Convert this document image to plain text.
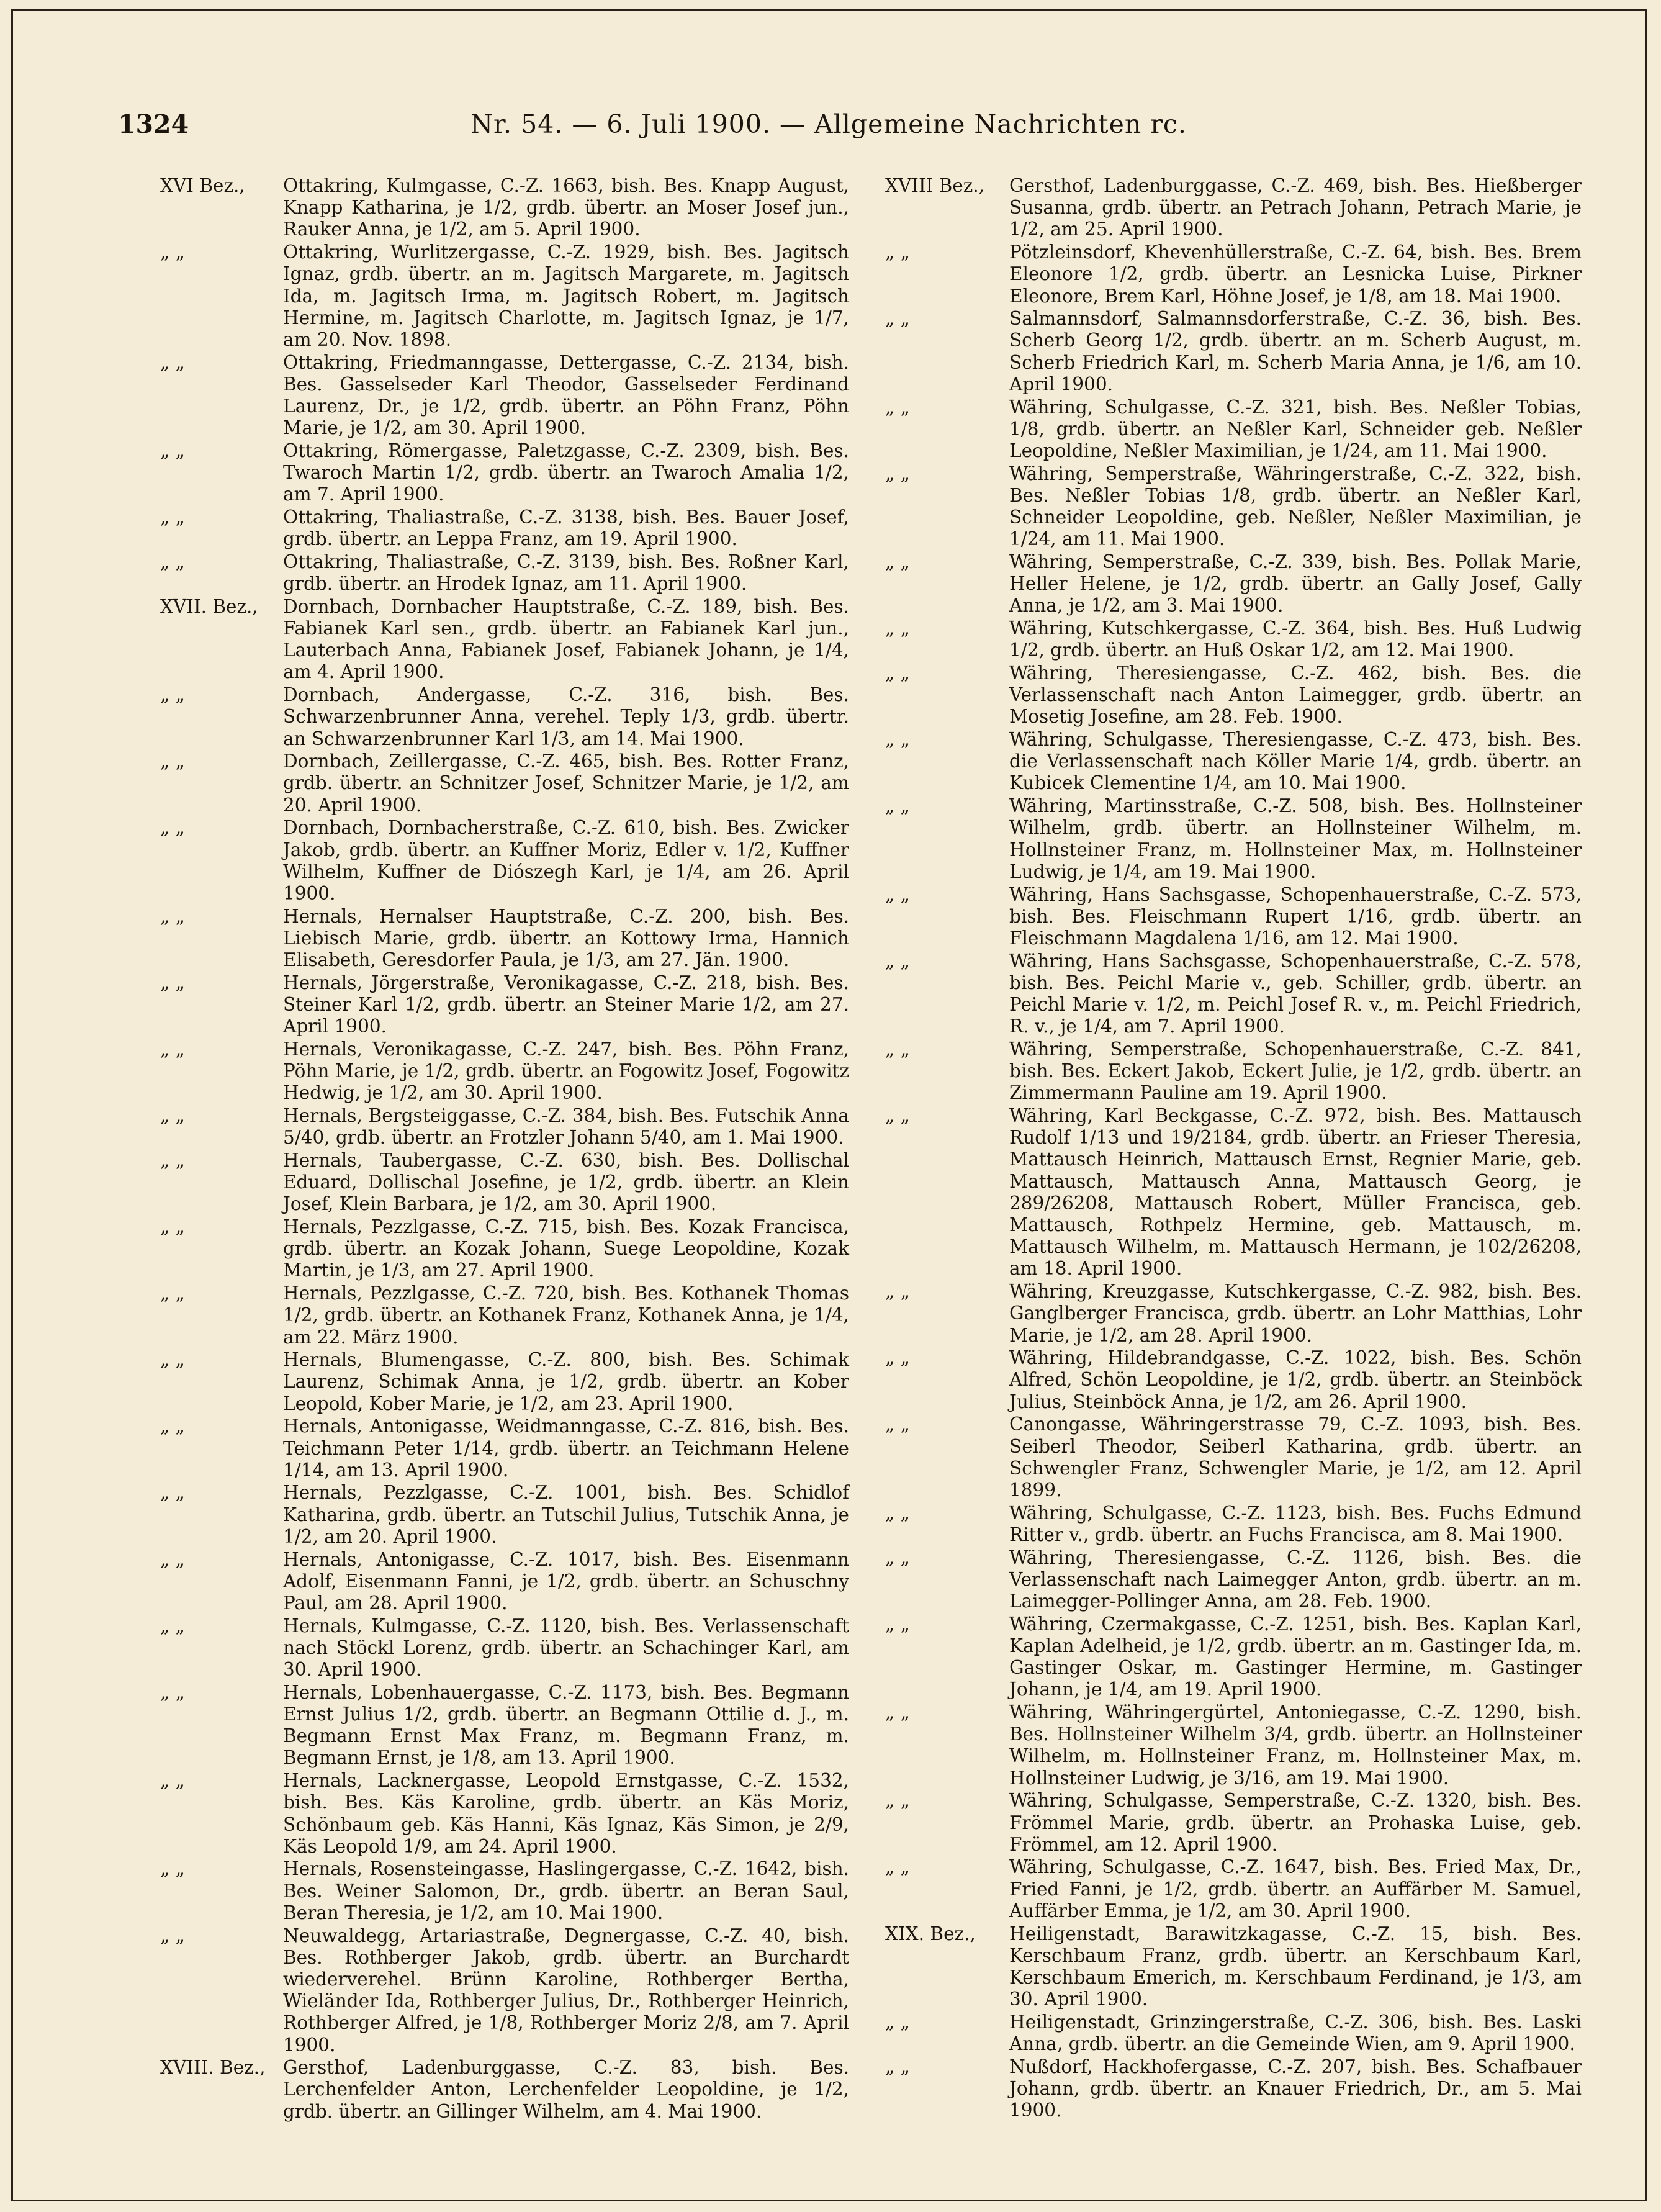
1324	Nr. 54. — 6. Juli 1900. — Allgemeine Nachrichten rc.
XVI Bez.,	Ottakring, Kulmgasse, C.-Z. 1663, bish. Bes. Knapp August, Knapp Katharina, je 1/2, grdb. übertr. an Moser Josef jun., Rauker Anna, je 1/2, am 5. April 1900.
„ „	Ottakring, Wurlitzergasse, C.-Z. 1929, bish. Bes. Jagitsch Ignaz, grdb. übertr. an m. Jagitsch Margarete, m. Jagitsch Ida, m. Jagitsch Irma, m. Jagitsch Robert, m. Jagitsch Hermine, m. Jagitsch Charlotte, m. Jagitsch Ignaz, je 1/7, am 20. Nov. 1898.
„ „	Ottakring, Friedmanngasse, Dettergasse, C.-Z. 2134, bish. Bes. Gasselseder Karl Theodor, Gasselseder Ferdinand Laurenz, Dr., je 1/2, grdb. übertr. an Pöhn Franz, Pöhn Marie, je 1/2, am 30. April 1900.
„ „	Ottakring, Römergasse, Paletzgasse, C.-Z. 2309, bish. Bes. Twaroch Martin 1/2, grdb. übertr. an Twaroch Amalia 1/2, am 7. April 1900.
„ „	Ottakring, Thaliastraße, C.-Z. 3138, bish. Bes. Bauer Josef, grdb. übertr. an Leppa Franz, am 19. April 1900.
„ „	Ottakring, Thaliastraße, C.-Z. 3139, bish. Bes. Roßner Karl, grdb. übertr. an Hrodek Ignaz, am 11. April 1900.
XVII. Bez.,	Dornbach, Dornbacher Hauptstraße, C.-Z. 189, bish. Bes. Fabianek Karl sen., grdb. übertr. an Fabianek Karl jun., Lauterbach Anna, Fabianek Josef, Fabianek Johann, je 1/4, am 4. April 1900.
„ „	Dornbach, Andergasse, C.-Z. 316, bish. Bes. Schwarzenbrunner Anna, verehel. Teply 1/3, grdb. übertr. an Schwarzenbrunner Karl 1/3, am 14. Mai 1900.
„ „	Dornbach, Zeillergasse, C.-Z. 465, bish. Bes. Rotter Franz, grdb. übertr. an Schnitzer Josef, Schnitzer Marie, je 1/2, am 20. April 1900.
„ „	Dornbach, Dornbacherstraße, C.-Z. 610, bish. Bes. Zwicker Jakob, grdb. übertr. an Kuffner Moriz, Edler v. 1/2, Kuffner Wilhelm, Kuffner de Diószegh Karl, je 1/4, am 26. April 1900.
„ „	Hernals, Hernalser Hauptstraße, C.-Z. 200, bish. Bes. Liebisch Marie, grdb. übertr. an Kottowy Irma, Hannich Elisabeth, Geresdorfer Paula, je 1/3, am 27. Jän. 1900.
„ „	Hernals, Jörgerstraße, Veronikagasse, C.-Z. 218, bish. Bes. Steiner Karl 1/2, grdb. übertr. an Steiner Marie 1/2, am 27. April 1900.
„ „	Hernals, Veronikagasse, C.-Z. 247, bish. Bes. Pöhn Franz, Pöhn Marie, je 1/2, grdb. übertr. an Fogowitz Josef, Fogowitz Hedwig, je 1/2, am 30. April 1900.
„ „	Hernals, Bergsteiggasse, C.-Z. 384, bish. Bes. Futschik Anna 5/40, grdb. übertr. an Frotzler Johann 5/40, am 1. Mai 1900.
„ „	Hernals, Taubergasse, C.-Z. 630, bish. Bes. Dollischal Eduard, Dollischal Josefine, je 1/2, grdb. übertr. an Klein Josef, Klein Barbara, je 1/2, am 30. April 1900.
„ „	Hernals, Pezzlgasse, C.-Z. 715, bish. Bes. Kozak Francisca, grdb. übertr. an Kozak Johann, Suege Leopoldine, Kozak Martin, je 1/3, am 27. April 1900.
„ „	Hernals, Pezzlgasse, C.-Z. 720, bish. Bes. Kothanek Thomas 1/2, grdb. übertr. an Kothanek Franz, Kothanek Anna, je 1/4, am 22. März 1900.
„ „	Hernals, Blumengasse, C.-Z. 800, bish. Bes. Schimak Laurenz, Schimak Anna, je 1/2, grdb. übertr. an Kober Leopold, Kober Marie, je 1/2, am 23. April 1900.
„ „	Hernals, Antonigasse, Weidmanngasse, C.-Z. 816, bish. Bes. Teichmann Peter 1/14, grdb. übertr. an Teichmann Helene 1/14, am 13. April 1900.
„ „	Hernals, Pezzlgasse, C.-Z. 1001, bish. Bes. Schidlof Katharina, grdb. übertr. an Tutschil Julius, Tutschik Anna, je 1/2, am 20. April 1900.
„ „	Hernals, Antonigasse, C.-Z. 1017, bish. Bes. Eisenmann Adolf, Eisenmann Fanni, je 1/2, grdb. übertr. an Schuschny Paul, am 28. April 1900.
„ „	Hernals, Kulmgasse, C.-Z. 1120, bish. Bes. Verlassenschaft nach Stöckl Lorenz, grdb. übertr. an Schachinger Karl, am 30. April 1900.
„ „	Hernals, Lobenhauergasse, C.-Z. 1173, bish. Bes. Begmann Ernst Julius 1/2, grdb. übertr. an Begmann Ottilie d. J., m. Begmann Ernst Max Franz, m. Begmann Franz, m. Begmann Ernst, je 1/8, am 13. April 1900.
„ „	Hernals, Lacknergasse, Leopold Ernstgasse, C.-Z. 1532, bish. Bes. Käs Karoline, grdb. übertr. an Käs Moriz, Schönbaum geb. Käs Hanni, Käs Ignaz, Käs Simon, je 2/9, Käs Leopold 1/9, am 24. April 1900.
„ „	Hernals, Rosensteingasse, Haslingergasse, C.-Z. 1642, bish. Bes. Weiner Salomon, Dr., grdb. übertr. an Beran Saul, Beran Theresia, je 1/2, am 10. Mai 1900.
„ „	Neuwaldegg, Artariastraße, Degnergasse, C.-Z. 40, bish. Bes. Rothberger Jakob, grdb. übertr. an Burchardt wiederverehel. Brünn Karoline, Rothberger Bertha, Wieländer Ida, Rothberger Julius, Dr., Rothberger Heinrich, Rothberger Alfred, je 1/8, Rothberger Moriz 2/8, am 7. April 1900.
XVIII. Bez., Gersthof, Ladenburggasse, C.-Z. 83, bish. Bes. Lerchenfelder Anton, Lerchenfelder Leopoldine, je 1/2, grdb. übertr. an Gillinger Wilhelm, am 4. Mai 1900.
XVIII Bez.,	Gersthof, Ladenburggasse, C.-Z. 469, bish. Bes. Hießberger Susanna, grdb. übertr. an Petrach Johann, Petrach Marie, je 1/2, am 25. April 1900.
„ „	Pötzleinsdorf, Khevenhüllerstraße, C.-Z. 64, bish. Bes. Brem Eleonore 1/2, grdb. übertr. an Lesnicka Luise, Pirkner Eleonore, Brem Karl, Höhne Josef, je 1/8, am 18. Mai 1900.
„ „	Salmannsdorf, Salmannsdorferstraße, C.-Z. 36, bish. Bes. Scherb Georg 1/2, grdb. übertr. an m. Scherb August, m. Scherb Friedrich Karl, m. Scherb Maria Anna, je 1/6, am 10. April 1900.
„ „	Währing, Schulgasse, C.-Z. 321, bish. Bes. Neßler Tobias, 1/8, grdb. übertr. an Neßler Karl, Schneider geb. Neßler Leopoldine, Neßler Maximilian, je 1/24, am 11. Mai 1900.
„ „	Währing, Semperstraße, Währingerstraße, C.-Z. 322, bish. Bes. Neßler Tobias 1/8, grdb. übertr. an Neßler Karl, Schneider Leopoldine, geb. Neßler, Neßler Maximilian, je 1/24, am 11. Mai 1900.
„ „	Währing, Semperstraße, C.-Z. 339, bish. Bes. Pollak Marie, Heller Helene, je 1/2, grdb. übertr. an Gally Josef, Gally Anna, je 1/2, am 3. Mai 1900.
„ „	Währing, Kutschkergasse, C.-Z. 364, bish. Bes. Huß Ludwig 1/2, grdb. übertr. an Huß Oskar 1/2, am 12. Mai 1900.
„ „	Währing, Theresiengasse, C.-Z. 462, bish. Bes. die Verlassenschaft nach Anton Laimegger, grdb. übertr. an Mosetig Josefine, am 28. Feb. 1900.
„ „	Währing, Schulgasse, Theresiengasse, C.-Z. 473, bish. Bes. die Verlassenschaft nach Köller Marie 1/4, grdb. übertr. an Kubicek Clementine 1/4, am 10. Mai 1900.
„ „	Währing, Martinsstraße, C.-Z. 508, bish. Bes. Hollnsteiner Wilhelm, grdb. übertr. an Hollnsteiner Wilhelm, m. Hollnsteiner Franz, m. Hollnsteiner Max, m. Hollnsteiner Ludwig, je 1/4, am 19. Mai 1900.
„ „	Währing, Hans Sachsgasse, Schopenhauerstraße, C.-Z. 573, bish. Bes. Fleischmann Rupert 1/16, grdb. übertr. an Fleischmann Magdalena 1/16, am 12. Mai 1900.
„ „	Währing, Hans Sachsgasse, Schopenhauerstraße, C.-Z. 578, bish. Bes. Peichl Marie v., geb. Schiller, grdb. übertr. an Peichl Marie v. 1/2, m. Peichl Josef R. v., m. Peichl Friedrich, R. v., je 1/4, am 7. April 1900.
„ „	Währing, Semperstraße, Schopenhauerstraße, C.-Z. 841, bish. Bes. Eckert Jakob, Eckert Julie, je 1/2, grdb. übertr. an Zimmermann Pauline am 19. April 1900.
„ „	Währing, Karl Beckgasse, C.-Z. 972, bish. Bes. Mattausch Rudolf 1/13 und 19/2184, grdb. übertr. an Frieser Theresia, Mattausch Heinrich, Mattausch Ernst, Regnier Marie, geb. Mattausch, Mattausch Anna, Mattausch Georg, je 289/26208, Mattausch Robert, Müller Francisca, geb. Mattausch, Rothpelz Hermine, geb. Mattausch, m. Mattausch Wilhelm, m. Mattausch Hermann, je 102/26208, am 18. April 1900.
„ „	Währing, Kreuzgasse, Kutschkergasse, C.-Z. 982, bish. Bes. Ganglberger Francisca, grdb. übertr. an Lohr Matthias, Lohr Marie, je 1/2, am 28. April 1900.
„ „	Währing, Hildebrandgasse, C.-Z. 1022, bish. Bes. Schön Alfred, Schön Leopoldine, je 1/2, grdb. übertr. an Steinböck Julius, Steinböck Anna, je 1/2, am 26. April 1900.
„ „	Canongasse, Währingerstrasse 79, C.-Z. 1093, bish. Bes. Seiberl Theodor, Seiberl Katharina, grdb. übertr. an Schwengler Franz, Schwengler Marie, je 1/2, am 12. April 1899.
„ „	Währing, Schulgasse, C.-Z. 1123, bish. Bes. Fuchs Edmund Ritter v., grdb. übertr. an Fuchs Francisca, am 8. Mai 1900.
„ „	Währing, Theresiengasse, C.-Z. 1126, bish. Bes. die Verlassenschaft nach Laimegger Anton, grdb. übertr. an m. Laimegger-Pollinger Anna, am 28. Feb. 1900.
„ „	Währing, Czermakgasse, C.-Z. 1251, bish. Bes. Kaplan Karl, Kaplan Adelheid, je 1/2, grdb. übertr. an m. Gastinger Ida, m. Gastinger Oskar, m. Gastinger Hermine, m. Gastinger Johann, je 1/4, am 19. April 1900.
„ „	Währing, Währingergürtel, Antoniegasse, C.-Z. 1290, bish. Bes. Hollnsteiner Wilhelm 3/4, grdb. übertr. an Hollnsteiner Wilhelm, m. Hollnsteiner Franz, m. Hollnsteiner Max, m. Hollnsteiner Ludwig, je 3/16, am 19. Mai 1900.
„ „	Währing, Schulgasse, Semperstraße, C.-Z. 1320, bish. Bes. Frömmel Marie, grdb. übertr. an Prohaska Luise, geb. Frömmel, am 12. April 1900.
„ „	Währing, Schulgasse, C.-Z. 1647, bish. Bes. Fried Max, Dr., Fried Fanni, je 1/2, grdb. übertr. an Auffärber M. Samuel, Auffärber Emma, je 1/2, am 30. April 1900.
XIX. Bez.,	Heiligenstadt, Barawitzkagasse, C.-Z. 15, bish. Bes. Kerschbaum Franz, grdb. übertr. an Kerschbaum Karl, Kerschbaum Emerich, m. Kerschbaum Ferdinand, je 1/3, am 30. April 1900.
„ „	Heiligenstadt, Grinzingerstraße, C.-Z. 306, bish. Bes. Laski Anna, grdb. übertr. an die Gemeinde Wien, am 9. April 1900.
„ „	Nußdorf, Hackhofergasse, C.-Z. 207, bish. Bes. Schafbauer Johann, grdb. übertr. an Knauer Friedrich, Dr., am 5. Mai 1900.
